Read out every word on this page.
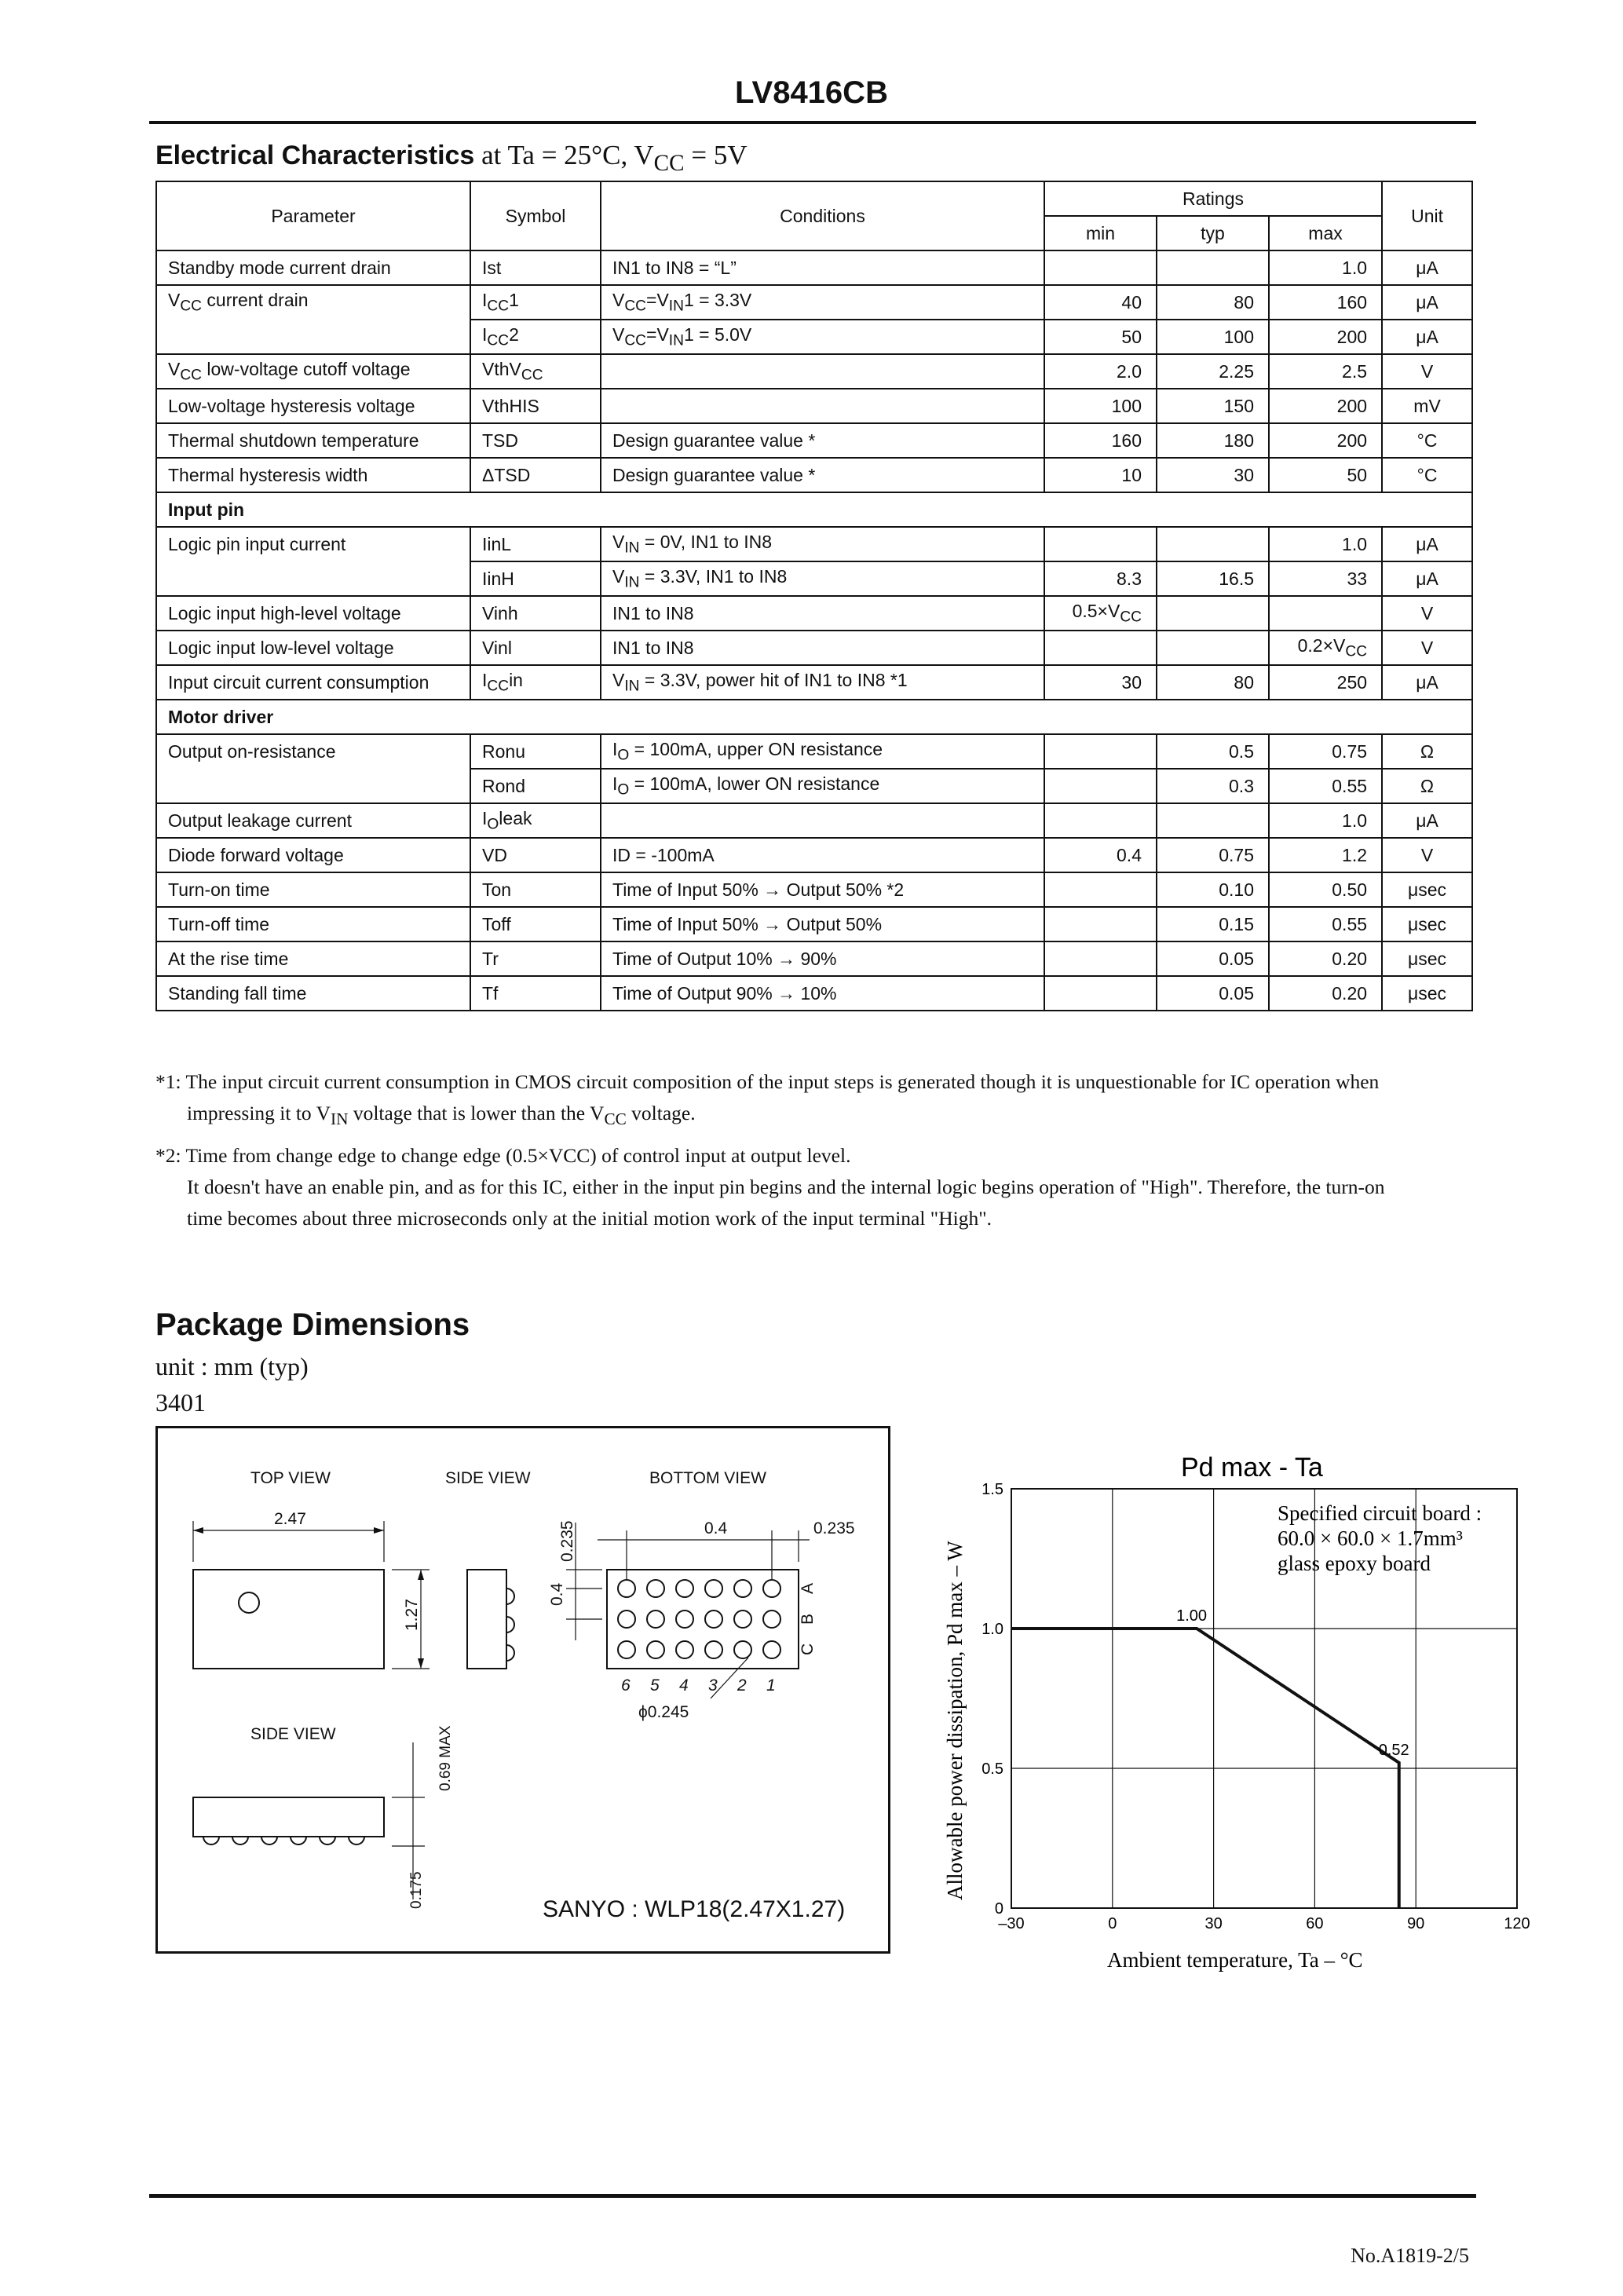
LV8416CB
Electrical Characteristics at Ta = 25°C, $V_{CC} = 5V$
Parameter	Symbol	Conditions	Ratings			Unit
			min	typ	max	
Standby mode current drain	Ist	IN1 to IN8 = “L”			1.0	μA
$V_{CC}$ current drain	$I_{CC}1$	$V_{CC}=V_{IN}1 = 3.3V$	40	80	160	μA
	$I_{CC}2$	$V_{CC}=V_{IN}1 = 5.0V$	50	100	200	μA
$V_{CC}$ low-voltage cutoff voltage	VthV$_{CC}$		2.0	2.25	2.5	V
Low-voltage hysteresis voltage	VthHIS		100	150	200	mV
Thermal shutdown temperature	TSD	Design guarantee value *	160	180	200	°C
Thermal hysteresis width	ΔTSD	Design guarantee value *	10	30	50	°C
Input pin						
Logic pin input current	IinL	$V_{IN} = 0V$, IN1 to IN8			1.0	μA
	IinH	$V_{IN} = 3.3V$, IN1 to IN8	8.3	16.5	33	μA
Logic input high-level voltage	Vinh	IN1 to IN8	$0.5\times V_{CC}$			V
Logic input low-level voltage	Vinl	IN1 to IN8			$0.2\times V_{CC}$	V
Input circuit current consumption	$I_{CC}in$	$V_{IN} = 3.3V$, power hit of IN1 to IN8 *1	30	80	250	μA
Motor driver						
Output on-resistance	Ronu	$I_O = 100mA$, upper ON resistance		0.5	0.75	Ω
	Rond	$I_O = 100mA$, lower ON resistance		0.3	0.55	Ω
Output leakage current	$I_Oleak$				1.0	μA
Diode forward voltage	VD	ID = -100mA	0.4	0.75	1.2	V
Turn-on time	Ton	Time of Input 50% → Output 50% *2		0.10	0.50	μsec
Turn-off time	Toff	Time of Input 50% → Output 50%		0.15	0.55	μsec
At the rise time	Tr	Time of Output 10% → 90%		0.05	0.20	μsec
Standing fall time	Tf	Time of Output 90% → 10%		0.05	0.20	μsec
*1: The input circuit current consumption in CMOS circuit composition of the input steps is generated though it is unquestionable for IC operation when
impressing it to $V_{IN}$ voltage that is lower than the $V_{CC}$ voltage.
*2: Time from change edge to change edge (0.5×VCC) of control input at output level.
It doesn't have an enable pin, and as for this IC, either in the input pin begins and the internal logic begins operation of "High". Therefore, the turn-on
time becomes about three microseconds only at the initial motion work of the input terminal "High".
Package Dimensions
unit : mm (typ)
3401
TOP VIEW	SIDE VIEW	BOTTOM VIEW
SIDE VIEW
2.47
1.27
A
B
C
6 5 4 3 2 1
0.4	0.235
0.235
0.4
ϕ0.245
0.69 MAX
0.175
SANYO : WLP18(2.47X1.27)
Pd max - Ta
–30	0	30	60	90	120
0
0.5
1.0
1.5
1.00
0.52
Specified circuit board :
60.0 × 60.0 × 1.7mm³
glass epoxy board
Ambient temperature, Ta – °C
Allowable power dissipation, Pd max – W
No.A1819-2/5
